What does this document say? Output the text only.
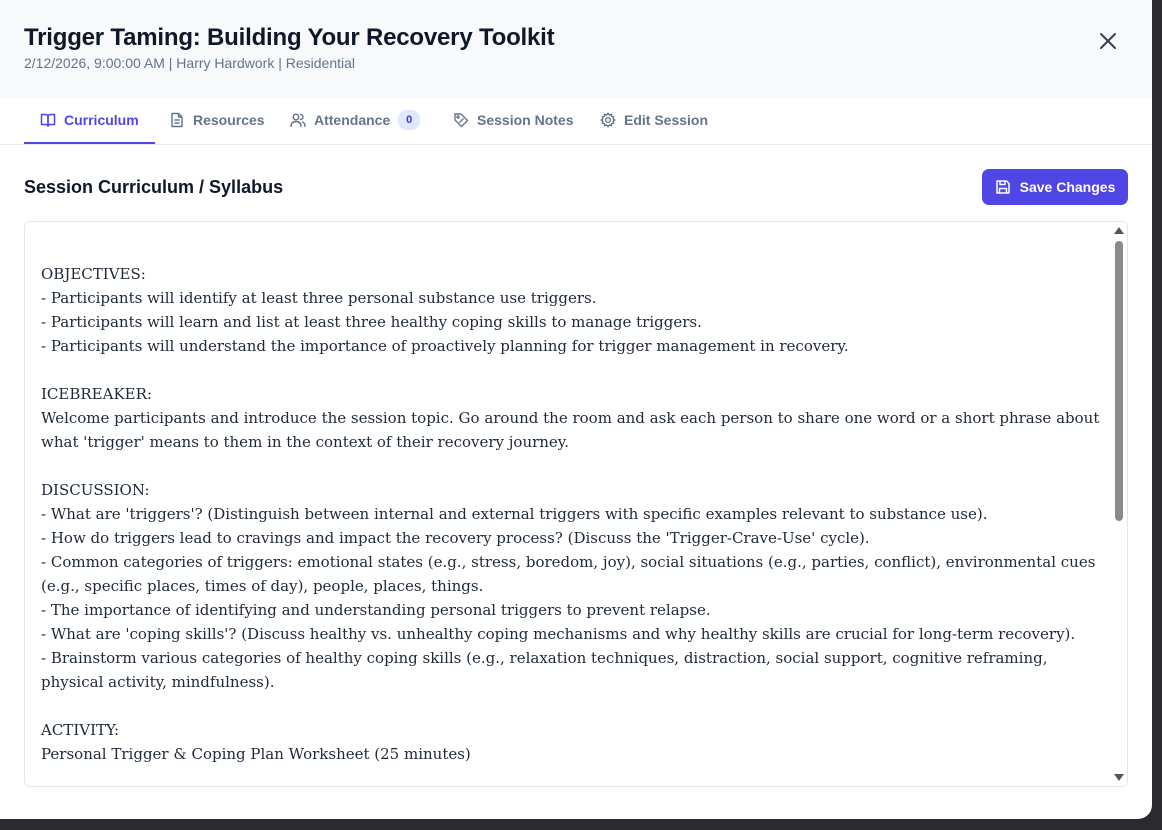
Trigger Taming: Building Your Recovery Toolkit
2/12/2026, 9:00:00 AM | Harry Hardwork | Residential
Curriculum	Resources	Attendance	0	Session Notes	Edit Session
Session Curriculum / Syllabus	Save Changes
OBJECTIVES:
- Participants will identify at least three personal substance use triggers.
- Participants will learn and list at least three healthy coping skills to manage triggers.
- Participants will understand the importance of proactively planning for trigger management in recovery.

ICEBREAKER:
Welcome participants and introduce the session topic. Go around the room and ask each person to share one word or a short phrase about what 'trigger' means to them in the context of their recovery journey.

DISCUSSION:
- What are 'triggers'? (Distinguish between internal and external triggers with specific examples relevant to substance use).
- How do triggers lead to cravings and impact the recovery process? (Discuss the 'Trigger-Crave-Use' cycle).
- Common categories of triggers: emotional states (e.g., stress, boredom, joy), social situations (e.g., parties, conflict), environmental cues (e.g., specific places, times of day), people, places, things.
- The importance of identifying and understanding personal triggers to prevent relapse.
- What are 'coping skills'? (Discuss healthy vs. unhealthy coping mechanisms and why healthy skills are crucial for long-term recovery).
- Brainstorm various categories of healthy coping skills (e.g., relaxation techniques, distraction, social support, cognitive reframing, physical activity, mindfulness).

ACTIVITY:
Personal Trigger & Coping Plan Worksheet (25 minutes)
